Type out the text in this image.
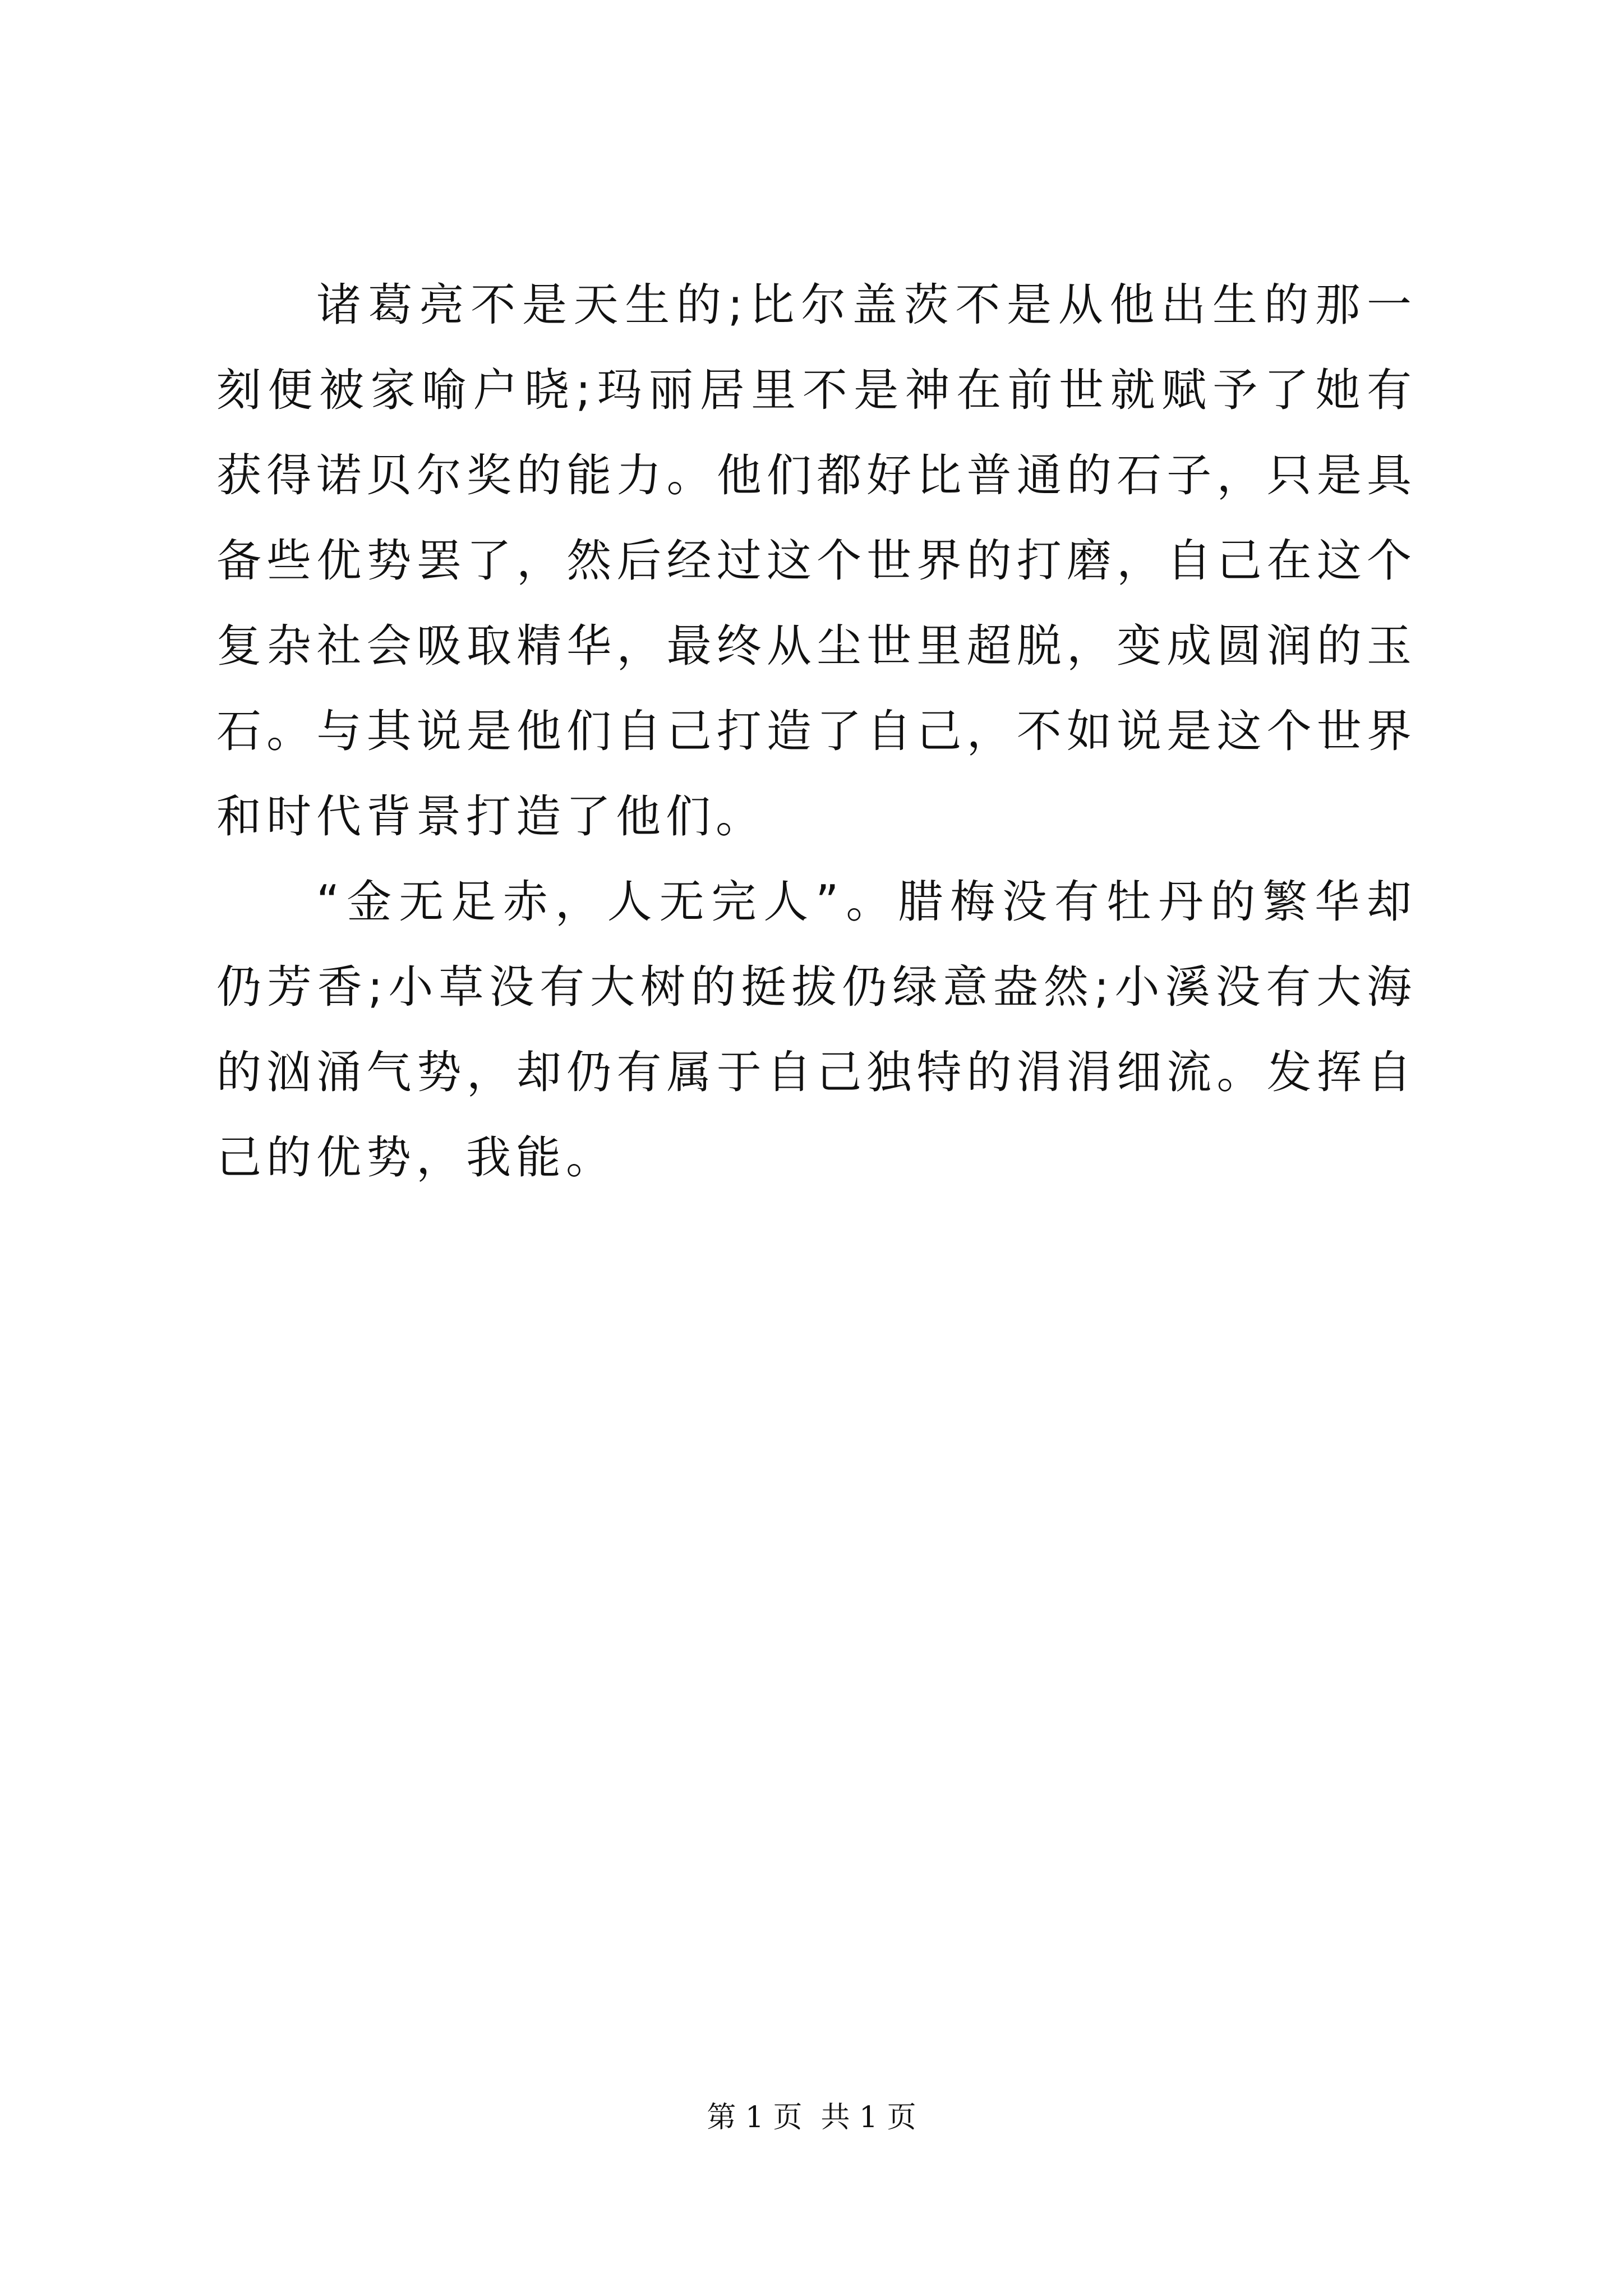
诸葛亮不是天生的;比尔盖茨不是从他出生的那一刻便被家喻户晓;玛丽居里不是神在前世就赋予了她有获得诺贝尔奖的能力。他们都好比普通的石子，只是具备些优势罢了，然后经过这个世界的打磨，自己在这个复杂社会吸取精华，最终从尘世里超脱，变成圆润的玉石。与其说是他们自己打造了自己，不如说是这个世界和时代背景打造了他们。

“金无足赤，人无完人”。腊梅没有牡丹的繁华却仍芳香;小草没有大树的挺拔仍绿意盎然;小溪没有大海的汹涌气势，却仍有属于自己独特的涓涓细流。发挥自己的优势，我能。

第 1 页  共 1 页
